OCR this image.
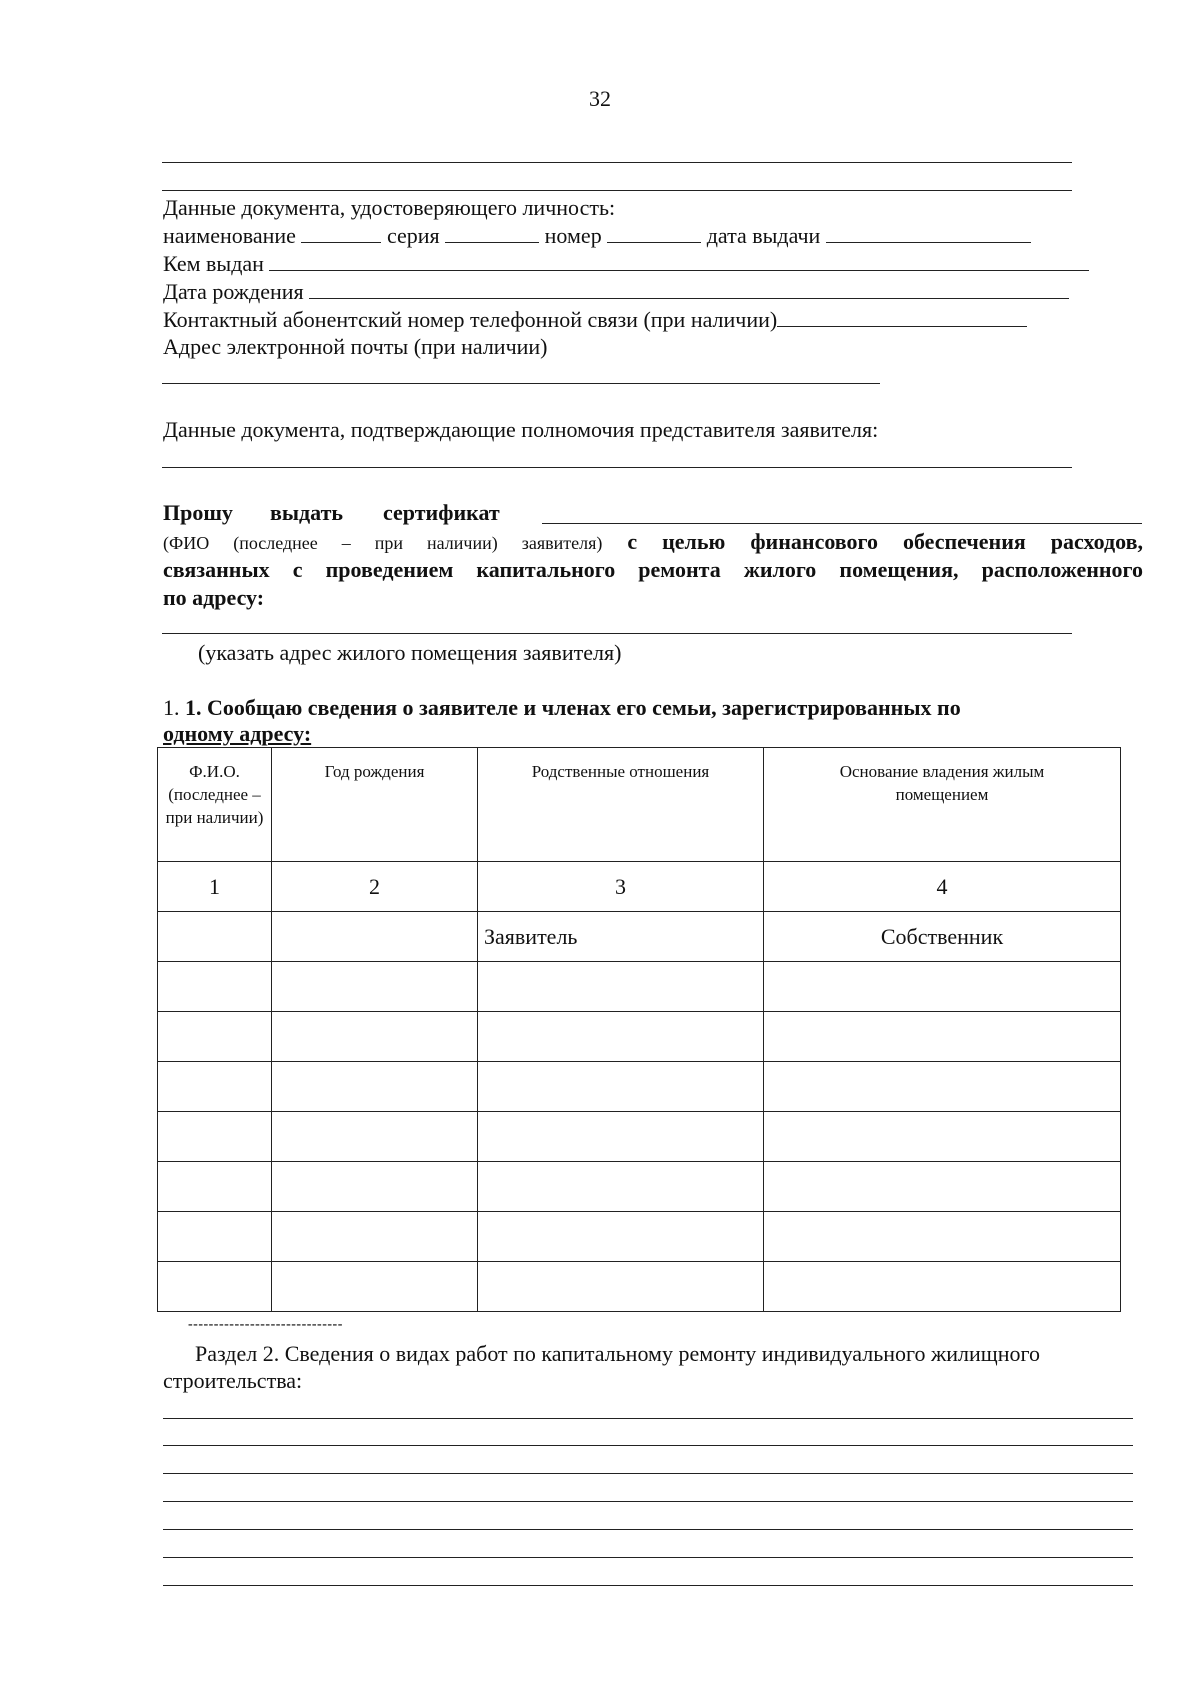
32
Данные документа, удостоверяющего личность:
наименование	серия	номер	дата выдачи
Кем выдан
Дата рождения
Контактный абонентский номер телефонной связи (при наличии)
Адрес электронной почты (при наличии)
Данные документа, подтверждающие полномочия представителя заявителя:
Прошу выдать сертификат
(ФИО (последнее – при наличии) заявителя) с целью финансового обеспечения расходов,
связанных с проведением капитального ремонта жилого помещения, расположенного
по адресу:
(указать адрес жилого помещения заявителя)
1. 1. Сообщаю сведения о заявителе и членах его семьи, зарегистрированных по
одному адресу:
Ф.И.О. (последнее – при наличии)	Год рождения	Родственные отношения	Основание владения жилым помещением
1	2	3	4
		Заявитель	Собственник

------------------------------
Раздел 2. Сведения о видах работ по капитальному ремонту индивидуального жилищного
строительства:
